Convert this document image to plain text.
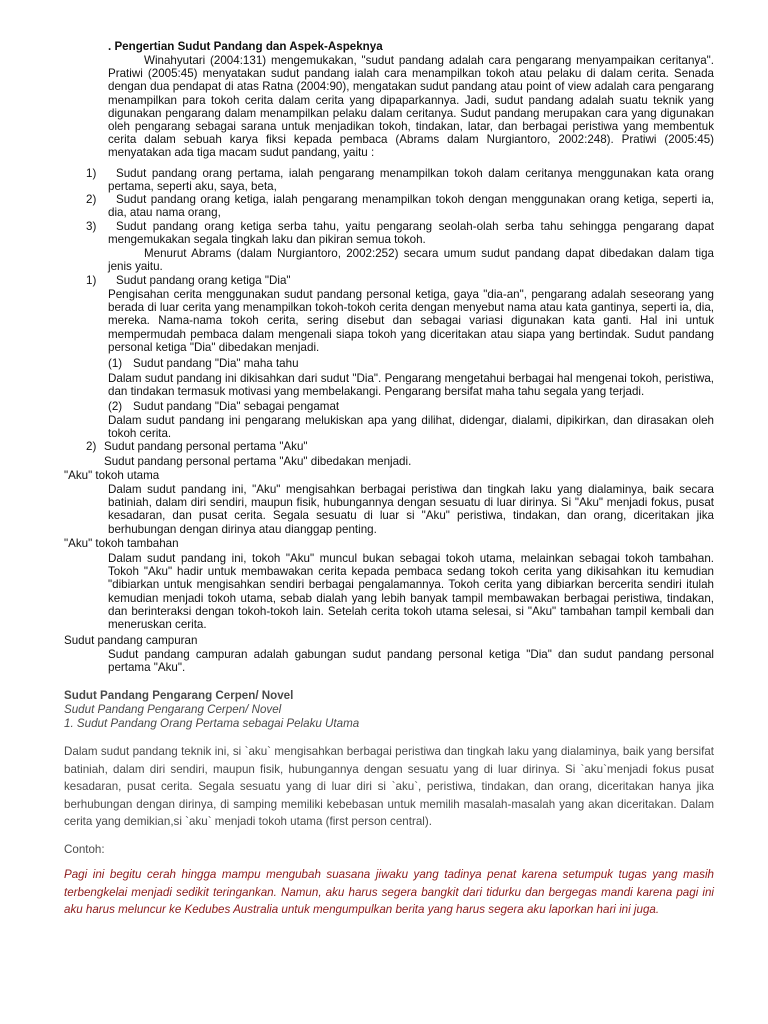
. Pengertian Sudut Pandang dan Aspek-Aspeknya

Winahyutari (2004:131) mengemukakan, "sudut pandang adalah cara pengarang menyampaikan ceritanya". Pratiwi (2005:45) menyatakan sudut pandang ialah cara menampilkan tokoh atau pelaku di dalam cerita. Senada dengan dua pendapat di atas Ratna (2004:90), mengatakan sudut pandang atau point of view adalah cara pengarang menampilkan para tokoh cerita dalam cerita yang dipaparkannya. Jadi, sudut pandang adalah suatu teknik yang digunakan pengarang dalam menampilkan pelaku dalam ceritanya. Sudut pandang merupakan cara yang digunakan oleh pengarang sebagai sarana untuk menjadikan tokoh, tindakan, latar, dan berbagai peristiwa yang membentuk cerita dalam sebuah karya fiksi kepada pembaca (Abrams dalam Nurgiantoro, 2002:248). Pratiwi (2005:45) menyatakan ada tiga macam sudut pandang, yaitu :

1)	Sudut pandang orang pertama, ialah pengarang menampilkan tokoh dalam ceritanya menggunakan kata orang pertama, seperti aku, saya, beta,

2)	Sudut pandang orang ketiga, ialah pengarang menampilkan tokoh dengan menggunakan orang ketiga, seperti ia, dia, atau nama orang,

3)	Sudut pandang orang ketiga serba tahu, yaitu pengarang seolah-olah serba tahu sehingga pengarang dapat mengemukakan segala tingkah laku dan pikiran semua tokoh.

Menurut Abrams (dalam Nurgiantoro, 2002:252) secara umum sudut pandang dapat dibedakan dalam tiga jenis yaitu.

1) Sudut pandang orang ketiga "Dia"

Pengisahan cerita menggunakan sudut pandang personal ketiga, gaya "dia-an", pengarang adalah seseorang yang berada di luar cerita yang menampilkan tokoh-tokoh cerita dengan menyebut nama atau kata gantinya, seperti ia, dia, mereka. Nama-nama tokoh cerita, sering disebut dan sebagai variasi digunakan kata ganti. Hal ini untuk mempermudah pembaca dalam mengenali siapa tokoh yang diceritakan atau siapa yang bertindak. Sudut pandang personal ketiga "Dia" dibedakan menjadi.

(1) Sudut pandang "Dia" maha tahu

Dalam sudut pandang ini dikisahkan dari sudut "Dia". Pengarang mengetahui berbagai hal mengenai tokoh, peristiwa, dan tindakan termasuk motivasi yang membelakangi. Pengarang bersifat maha tahu segala yang terjadi.

(2) Sudut pandang "Dia" sebagai pengamat

Dalam sudut pandang ini pengarang melukiskan apa yang dilihat, didengar, dialami, dipikirkan, dan dirasakan oleh tokoh cerita.

2) Sudut pandang personal pertama "Aku"
Sudut pandang personal pertama "Aku" dibedakan menjadi.
"Aku" tokoh utama

Dalam sudut pandang ini, "Aku" mengisahkan berbagai peristiwa dan tingkah laku yang dialaminya, baik secara batiniah, dalam diri sendiri, maupun fisik, hubungannya dengan sesuatu di luar dirinya. Si "Aku" menjadi fokus, pusat kesadaran, dan pusat cerita. Segala sesuatu di luar si "Aku" peristiwa, tindakan, dan orang, diceritakan jika berhubungan dengan dirinya atau dianggap penting.

"Aku" tokoh tambahan

Dalam sudut pandang ini, tokoh "Aku" muncul bukan sebagai tokoh utama, melainkan sebagai tokoh tambahan. Tokoh "Aku" hadir untuk membawakan cerita kepada pembaca sedang tokoh cerita yang dikisahkan itu kemudian "dibiarkan untuk mengisahkan sendiri berbagai pengalamannya. Tokoh cerita yang dibiarkan bercerita sendiri itulah kemudian menjadi tokoh utama, sebab dialah yang lebih banyak tampil membawakan berbagai peristiwa, tindakan, dan berinteraksi dengan tokoh-tokoh lain. Setelah cerita tokoh utama selesai, si "Aku" tambahan tampil kembali dan meneruskan cerita.

Sudut pandang campuran

Sudut pandang campuran adalah gabungan sudut pandang personal ketiga "Dia" dan sudut pandang personal pertama "Aku".

Sudut Pandang Pengarang Cerpen/ Novel
Sudut Pandang Pengarang Cerpen/ Novel
1. Sudut Pandang Orang Pertama sebagai Pelaku Utama

Dalam sudut pandang teknik ini, si `aku` mengisahkan berbagai peristiwa dan tingkah laku yang dialaminya, baik yang bersifat batiniah, dalam diri sendiri, maupun fisik, hubungannya dengan sesuatu yang di luar dirinya. Si `aku`menjadi fokus pusat kesadaran, pusat cerita. Segala sesuatu yang di luar diri si `aku`, peristiwa, tindakan, dan orang, diceritakan hanya jika berhubungan dengan dirinya, di samping memiliki kebebasan untuk memilih masalah-masalah yang akan diceritakan. Dalam cerita yang demikian,si `aku` menjadi tokoh utama (first person central).

Contoh:

Pagi ini begitu cerah hingga mampu mengubah suasana jiwaku yang tadinya penat karena setumpuk tugas yang masih terbengkelai menjadi sedikit teringankan. Namun, aku harus segera bangkit dari tidurku dan bergegas mandi karena pagi ini aku harus meluncur ke Kedubes Australia untuk mengumpulkan berita yang harus segera aku laporkan hari ini juga.
